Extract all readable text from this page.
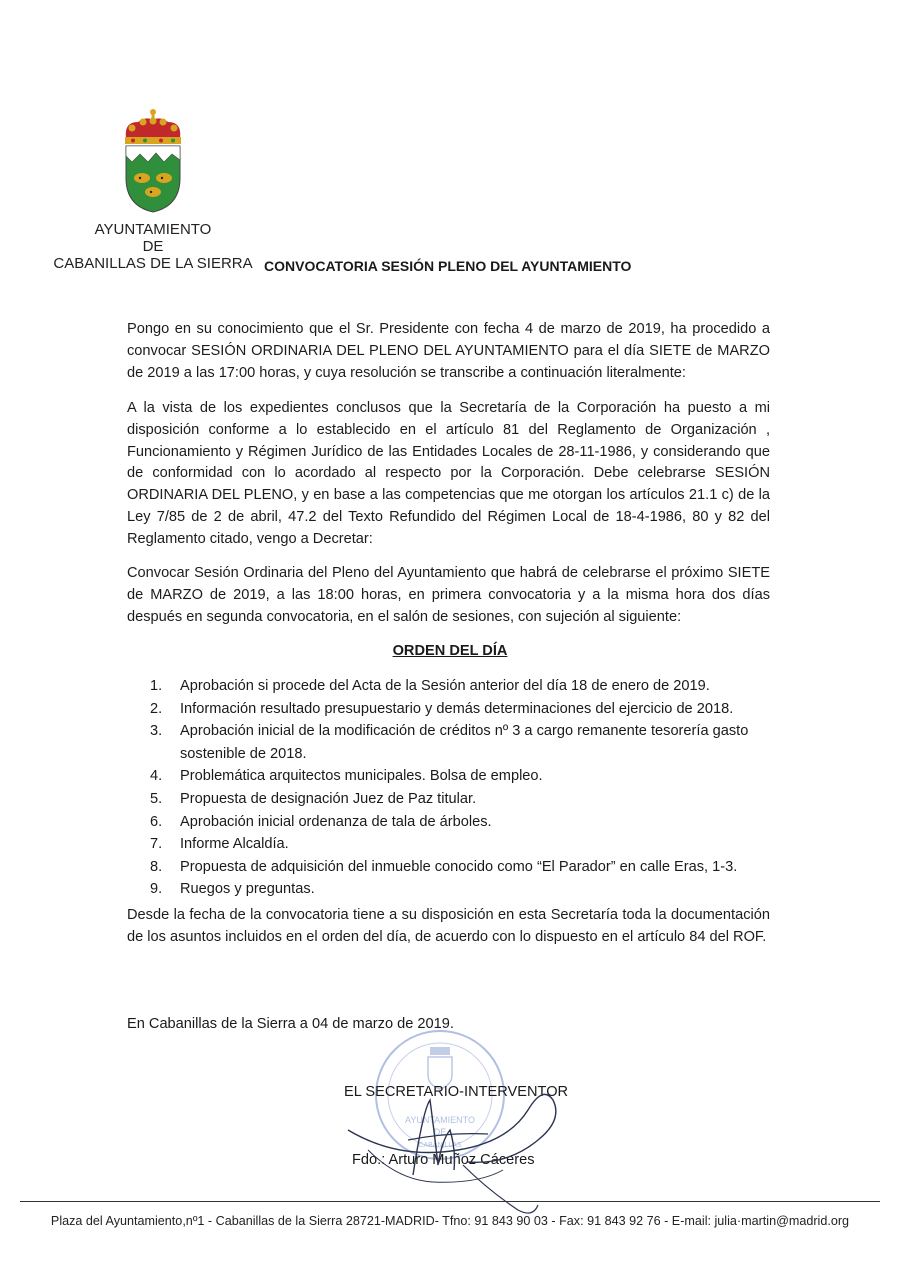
AYUNTAMIENTO
DE
CABANILLAS DE LA SIERRA CONVOCATORIA SESIÓN PLENO DEL AYUNTAMIENTO
Pongo en su conocimiento que el Sr. Presidente con fecha 4 de marzo de 2019, ha procedido a convocar SESIÓN ORDINARIA DEL PLENO DEL AYUNTAMIENTO para el día SIETE de MARZO de 2019 a las 17:00 horas, y cuya resolución se transcribe a continuación literalmente:
A la vista de los expedientes conclusos que la Secretaría de la Corporación ha puesto a mi disposición conforme a lo establecido en el artículo 81 del Reglamento de Organización , Funcionamiento y Régimen Jurídico de las Entidades Locales de 28-11-1986, y considerando que de conformidad con lo acordado al respecto por la Corporación. Debe celebrarse SESIÓN ORDINARIA DEL PLENO, y en base a las competencias que me otorgan los artículos 21.1 c) de la Ley 7/85 de 2 de abril, 47.2 del Texto Refundido del Régimen Local de 18-4-1986, 80 y 82 del Reglamento citado, vengo a Decretar:
Convocar Sesión Ordinaria del Pleno del Ayuntamiento que habrá de celebrarse el próximo SIETE de MARZO de 2019, a las 18:00 horas, en primera convocatoria y a la misma hora dos días después en segunda convocatoria, en el salón de sesiones, con sujeción al siguiente:
ORDEN DEL DÍA
1.	Aprobación si procede del Acta de la Sesión anterior del día 18 de enero de 2019.
2.	Información resultado presupuestario y demás determinaciones del ejercicio de 2018.
3.	Aprobación inicial de la modificación de créditos nº 3 a cargo remanente tesorería gasto sostenible de 2018.
4.	Problemática arquitectos municipales. Bolsa de empleo.
5.	Propuesta de designación Juez de Paz titular.
6.	Aprobación inicial ordenanza de tala de árboles.
7.	Informe Alcaldía.
8.	Propuesta de adquisición del inmueble conocido como “El Parador” en calle Eras, 1-3.
9.	Ruegos y preguntas.
Desde la fecha de la convocatoria tiene a su disposición en esta Secretaría toda la documentación de los asuntos incluidos en el orden del día, de acuerdo con lo dispuesto en el artículo 84 del ROF.
En Cabanillas de la Sierra a 04 de marzo de 2019.
AYUNTAMIENTO
DE
CABANILLAS
EL SECRETARIO-INTERVENTOR
Fdo.: Arturo Muñoz Cáceres
Plaza del Ayuntamiento,nº1 - Cabanillas de la Sierra 28721-MADRID- Tfno: 91 843 90 03 - Fax: 91 843 92 76 - E-mail: julia·martin@madrid.org
